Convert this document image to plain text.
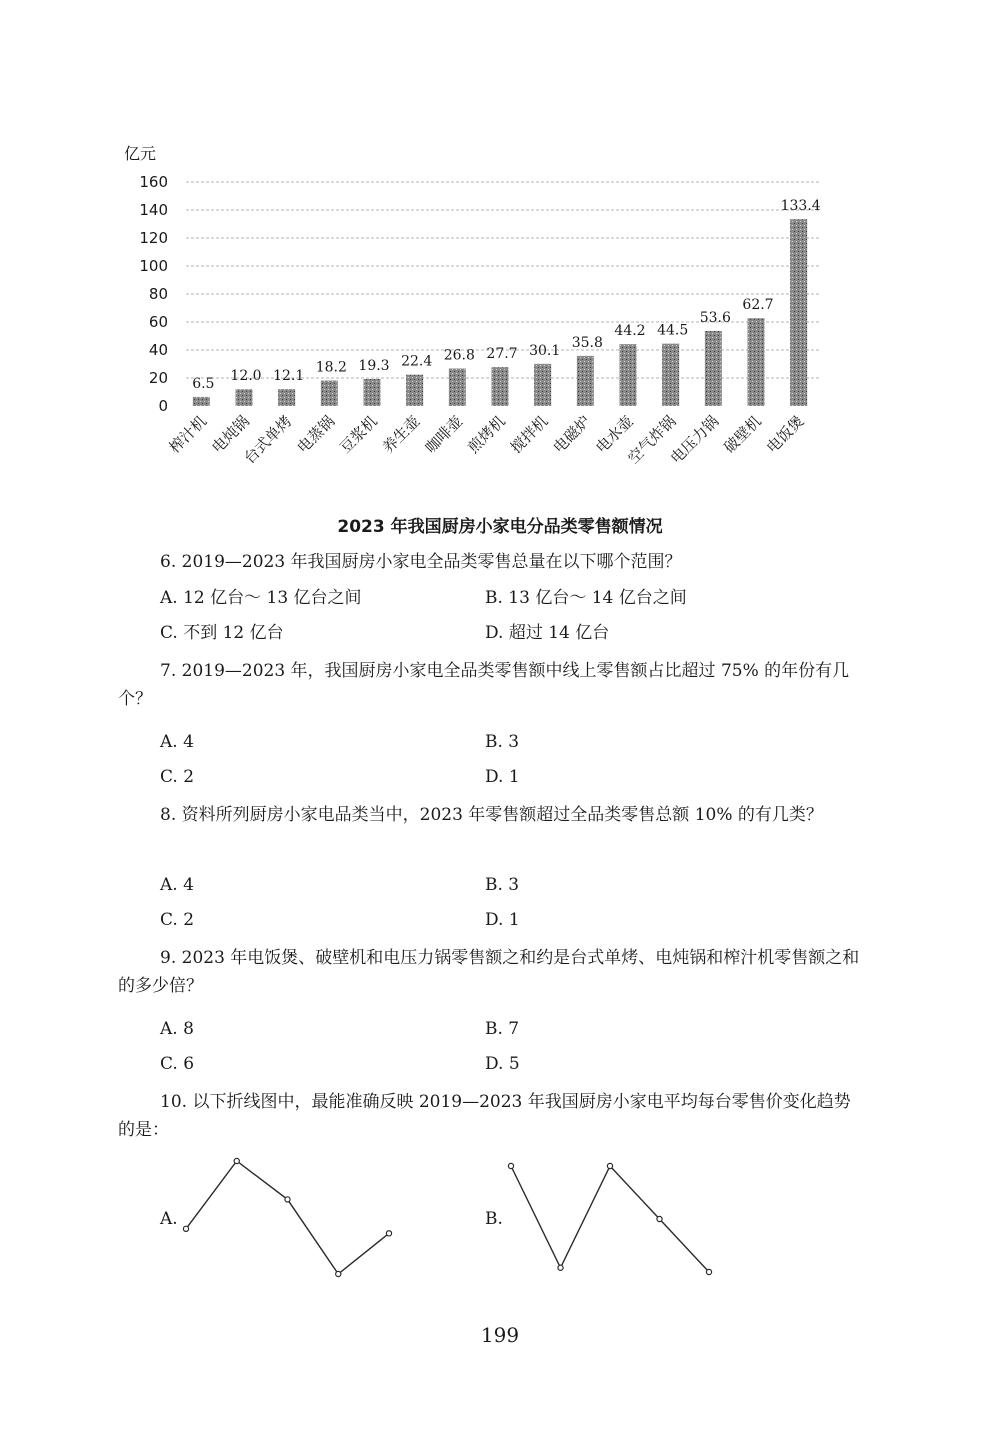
亿元
0
20
40
60
80
100
120
140
160
6.5
榨汁机
12.0
电炖锅
12.1
台式单烤
18.2
电蒸锅
19.3
豆浆机
22.4
养生壶
26.8
咖啡壶
27.7
煎烤机
30.1
搅拌机
35.8
电磁炉
44.2
电水壶
44.5
空气炸锅
53.6
电压力锅
62.7
破壁机
133.4
电饭煲
2023 年我国厨房小家电分品类零售额情况
6. 2019—2023 年我国厨房小家电全品类零售总量在以下哪个范围？
A. 12 亿台～ 13 亿台之间	B. 13 亿台～ 14 亿台之间
C. 不到 12 亿台	D. 超过 14 亿台
7. 2019—2023 年，我国厨房小家电全品类零售额中线上零售额占比超过 75% 的年份有几个？
A. 4	B. 3
C. 2	D. 1
8. 资料所列厨房小家电品类当中，2023 年零售额超过全品类零售总额 10% 的有几类？
A. 4	B. 3
C. 2	D. 1
9. 2023 年电饭煲、破壁机和电压力锅零售额之和约是台式单烤、电炖锅和榨汁机零售额之和的多少倍？
A. 8	B. 7
C. 6	D. 5
10. 以下折线图中，最能准确反映 2019—2023 年我国厨房小家电平均每台零售价变化趋势的是：
A.	B.
199
